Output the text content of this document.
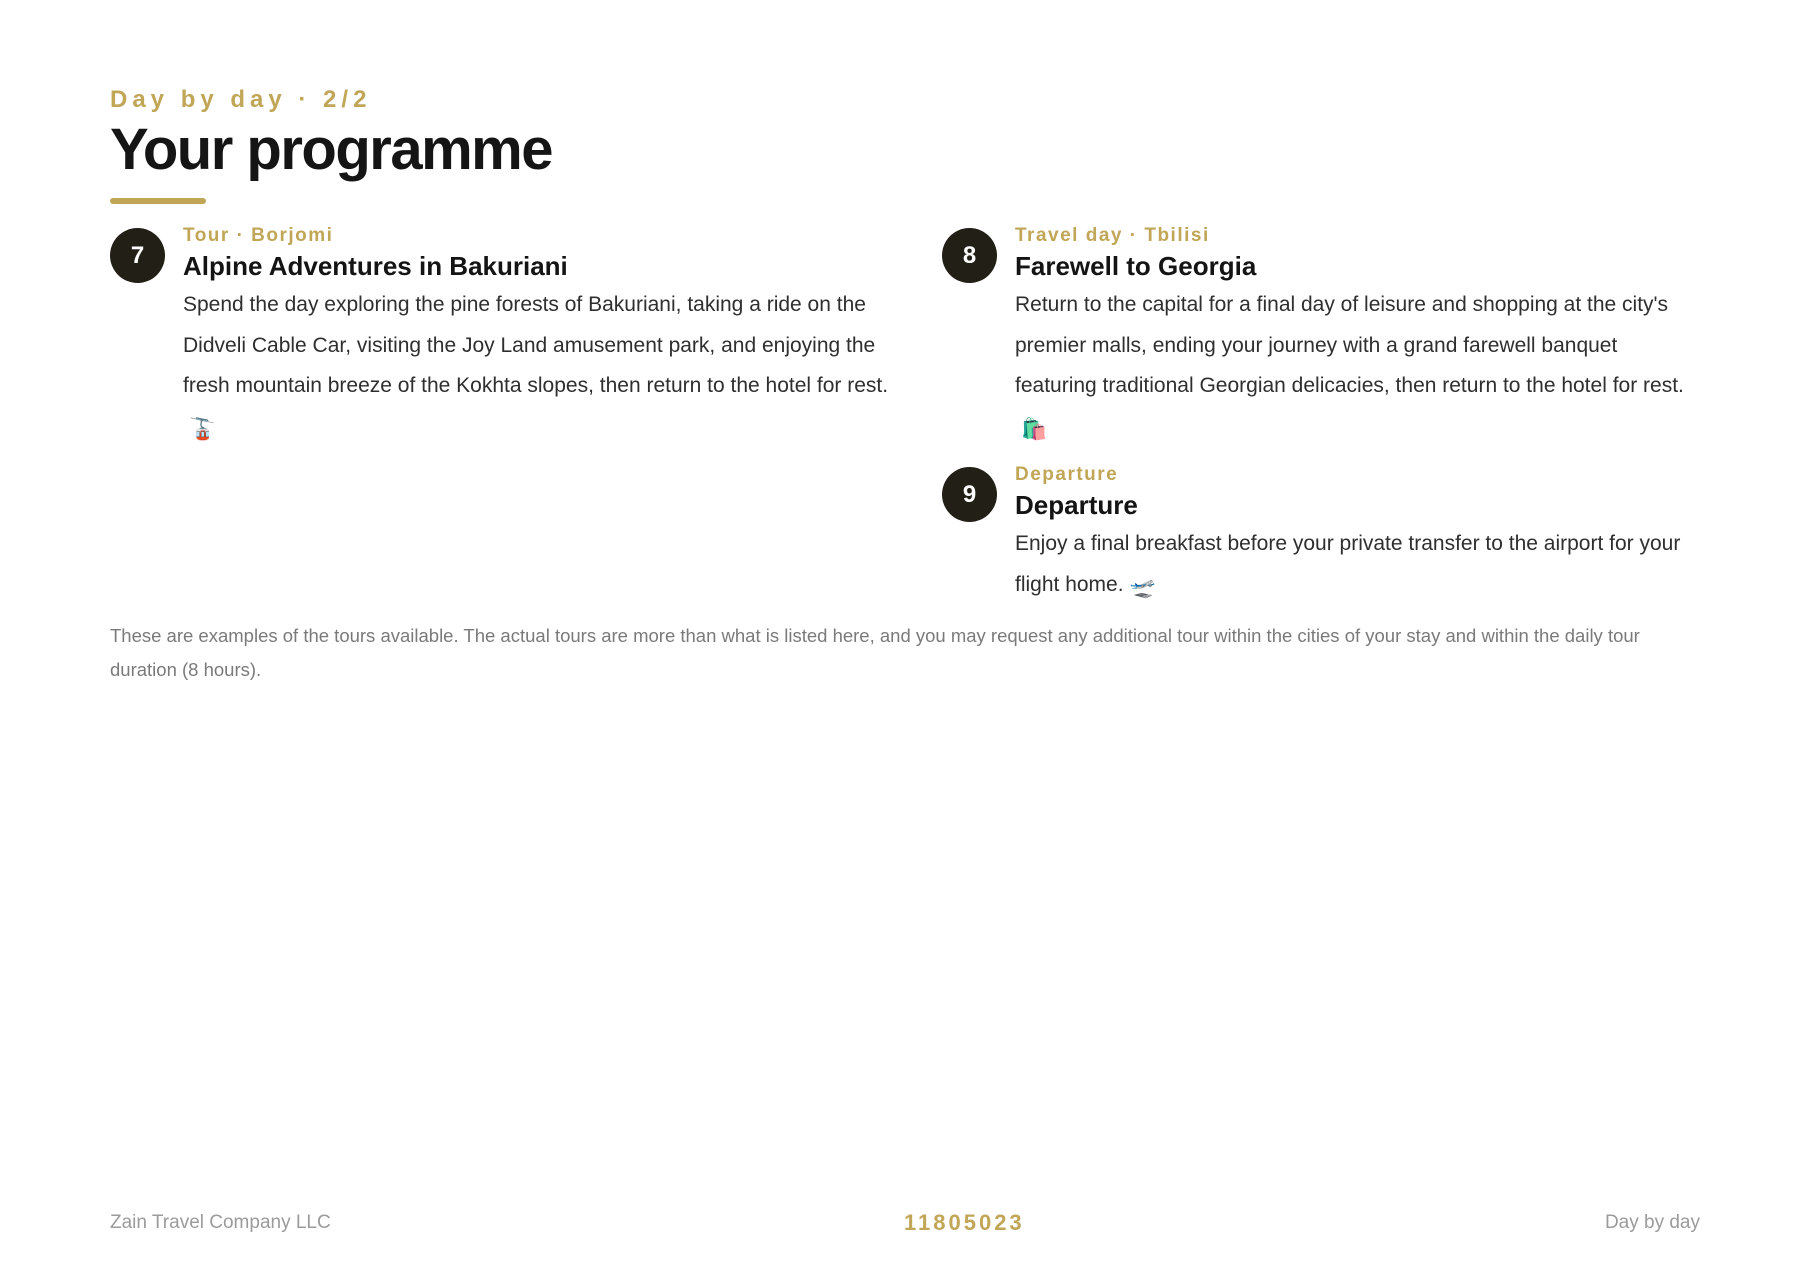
Day by day · 2/2
Your programme
7
Tour · Borjomi
Alpine Adventures in Bakuriani

Spend the day exploring the pine forests of Bakuriani, taking a ride on the Didveli Cable Car, visiting the Joy Land amusement park, and enjoying the fresh mountain breeze of the Kokhta slopes, then return to the hotel for rest.🚡

8
Travel day · Tbilisi
Farewell to Georgia

Return to the capital for a final day of leisure and shopping at the city's premier malls, ending your journey with a grand farewell banquet featuring traditional Georgian delicacies, then return to the hotel for rest.🛍️

9
Departure
Departure

Enjoy a final breakfast before your private transfer to the airport for your flight home. 🛫

These are examples of the tours available. The actual tours are more than what is listed here, and you may request any additional tour within the cities of your stay and within the daily tour duration (8 hours).

Zain Travel Company LLC	11805023	Day by day
